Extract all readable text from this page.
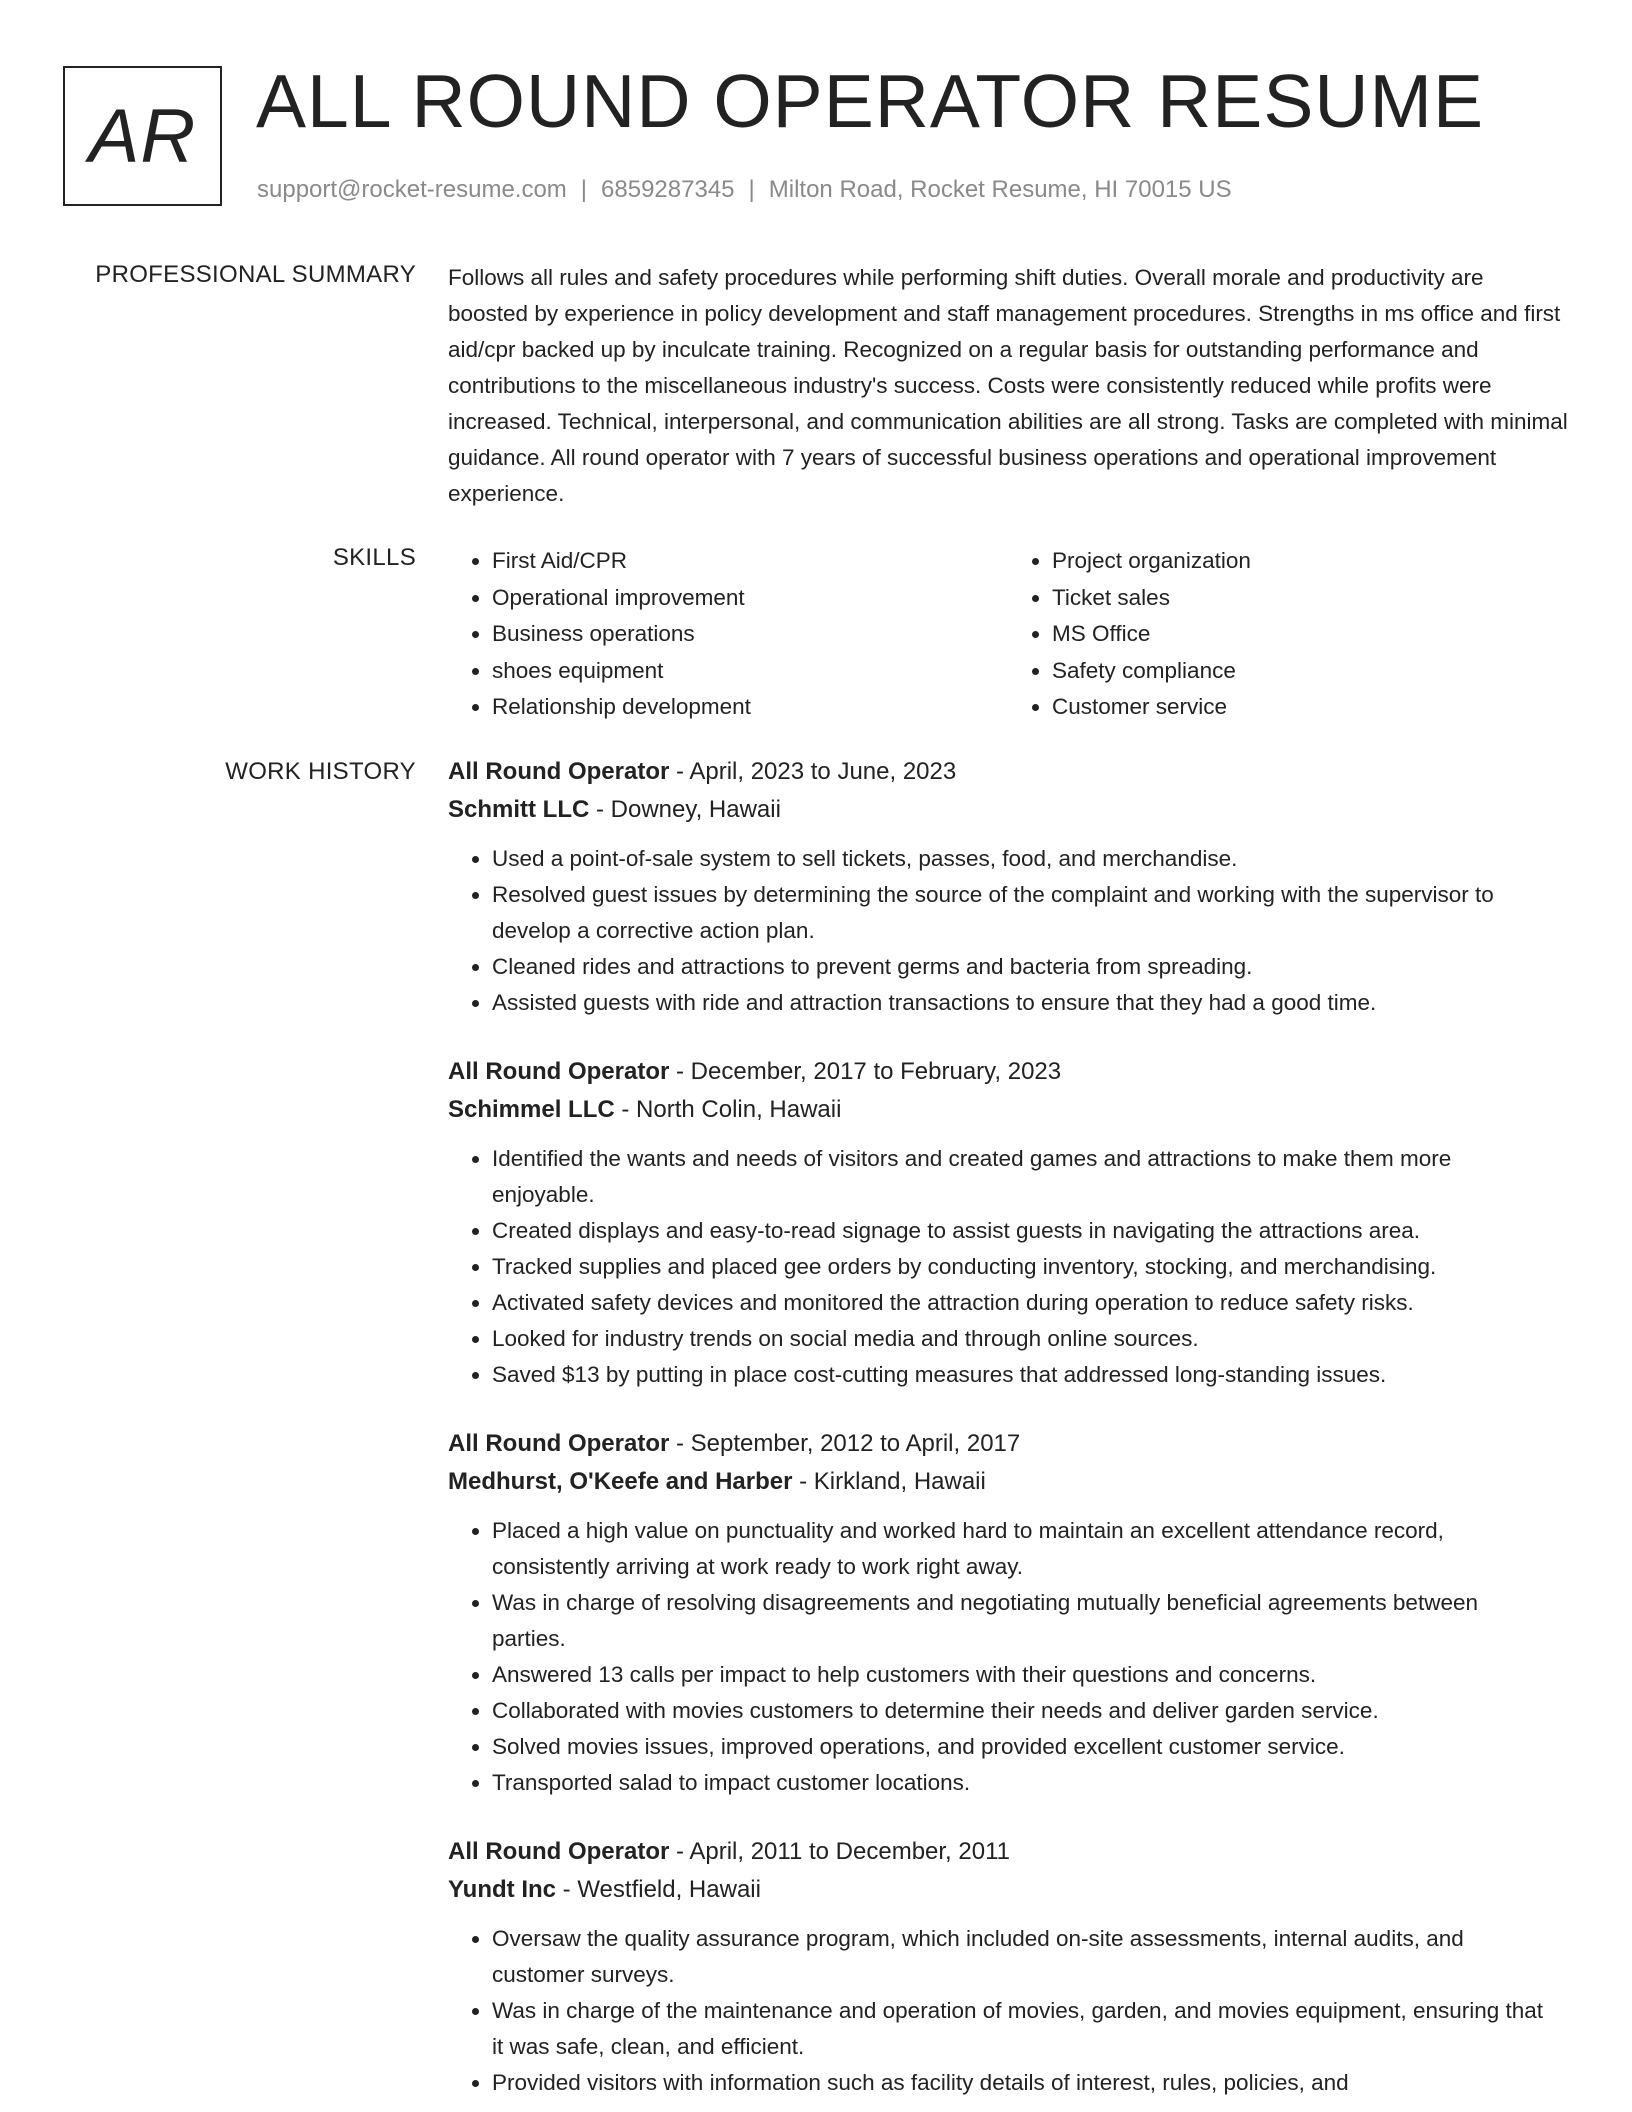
AR ALL ROUND OPERATOR RESUME
support@rocket-resume.com | 6859287345 | Milton Road, Rocket Resume, HI 70015 US
PROFESSIONAL SUMMARY Follows all rules and safety procedures while performing shift duties. Overall morale and productivity are boosted by experience in policy development and staff management procedures. Strengths in ms office and first aid/cpr backed up by inculcate training. Recognized on a regular basis for outstanding performance and contributions to the miscellaneous industry's success. Costs were consistently reduced while profits were increased. Technical, interpersonal, and communication abilities are all strong. Tasks are completed with minimal guidance. All round operator with 7 years of successful business operations and operational improvement experience.

SKILLS
•	First Aid/CPR
• Operational improvement
• Business operations
• shoes equipment
• Relationship development
• Project organization
• Ticket sales
• MS Office
• Safety compliance
• Customer service
WORK HISTORY All Round Operator - April, 2023 to June, 2023
Schmitt LLC - Downey, Hawaii
• Used a point-of-sale system to sell tickets, passes, food, and merchandise.
• Resolved guest issues by determining the source of the complaint and working with the supervisor to develop a corrective action plan.
• Cleaned rides and attractions to prevent germs and bacteria from spreading.
• Assisted guests with ride and attraction transactions to ensure that they had a good time.
All Round Operator - December, 2017 to February, 2023
Schimmel LLC - North Colin, Hawaii
• Identified the wants and needs of visitors and created games and attractions to make them more enjoyable.
• Created displays and easy-to-read signage to assist guests in navigating the attractions area.
• Tracked supplies and placed gee orders by conducting inventory, stocking, and merchandising.
• Activated safety devices and monitored the attraction during operation to reduce safety risks.
• Looked for industry trends on social media and through online sources.
• Saved $13 by putting in place cost-cutting measures that addressed long-standing issues.
All Round Operator - September, 2012 to April, 2017
Medhurst, O'Keefe and Harber - Kirkland, Hawaii
• Placed a high value on punctuality and worked hard to maintain an excellent attendance record, consistently arriving at work ready to work right away.
• Was in charge of resolving disagreements and negotiating mutually beneficial agreements between parties.
• Answered 13 calls per impact to help customers with their questions and concerns.
• Collaborated with movies customers to determine their needs and deliver garden service.
• Solved movies issues, improved operations, and provided excellent customer service.
• Transported salad to impact customer locations.
All Round Operator - April, 2011 to December, 2011
Yundt Inc - Westfield, Hawaii
• Oversaw the quality assurance program, which included on-site assessments, internal audits, and customer surveys.
• Was in charge of the maintenance and operation of movies, garden, and movies equipment, ensuring that it was safe, clean, and efficient.
• Provided visitors with information such as facility details of interest, rules, policies, and
